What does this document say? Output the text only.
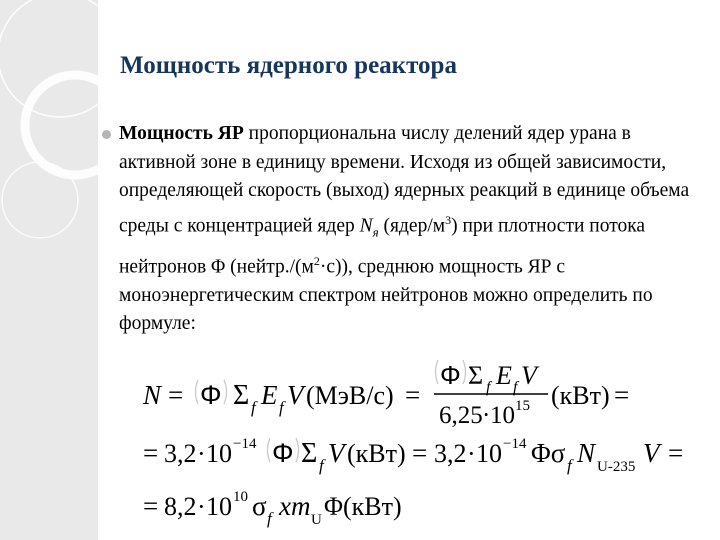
Мощность ядерного реактора
Мощность ЯР пропорциональна числу делений ядер урана в активной зоне в единицу времени. Исходя из общей зависимости, определяющей скорость (выход) ядерных реакций в единице объема среды с концентрацией ядер $N_я$ $(ядер/м^3)$ при плотности потока нейтронов Φ $(нейтр./(м^2\cdot с))$, среднюю мощность ЯР с моноэнергетическим спектром нейтронов можно определить по формуле:
N = Φ Σ f E f V (МэВ/с) =
Φ Σ f E f V
6,25 · 10 15 (кВт) =
= 3,2 · 10 −14 Φ Σ f V (кВт) = 3,2 · 10 −14 Φσ f N U-235 V =
= 8,2 · 10 10 σ f xm U Φ(кВт)
